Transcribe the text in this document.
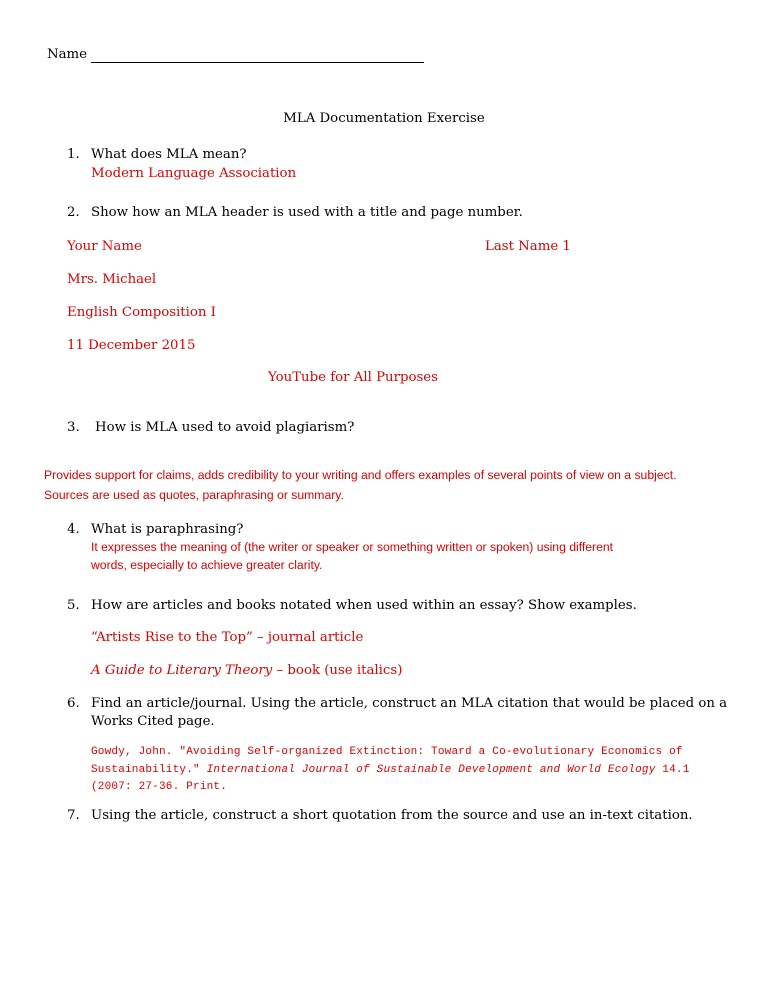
Name
MLA Documentation Exercise
1. What does MLA mean?
Modern Language Association
2. Show how an MLA header is used with a title and page number.
Your Name	Last Name 1
Mrs. Michael
English Composition I
11 December 2015
YouTube for All Purposes
3. How is MLA used to avoid plagiarism?
Provides support for claims, adds credibility to your writing and offers examples of several points of view on a subject.
Sources are used as quotes, paraphrasing or summary.
4. What is paraphrasing?
It expresses the meaning of (the writer or speaker or something written or spoken) using different
words, especially to achieve greater clarity.
5. How are articles and books notated when used within an essay? Show examples.
“Artists Rise to the Top” – journal article
A Guide to Literary Theory – book (use italics)
6. Find an article/journal. Using the article, construct an MLA citation that would be placed on a
Works Cited page.
Gowdy, John. "Avoiding Self-organized Extinction: Toward a Co-evolutionary Economics of
Sustainability." International Journal of Sustainable Development and World Ecology 14.1
(2007: 27-36. Print.
7. Using the article, construct a short quotation from the source and use an in-text citation.
